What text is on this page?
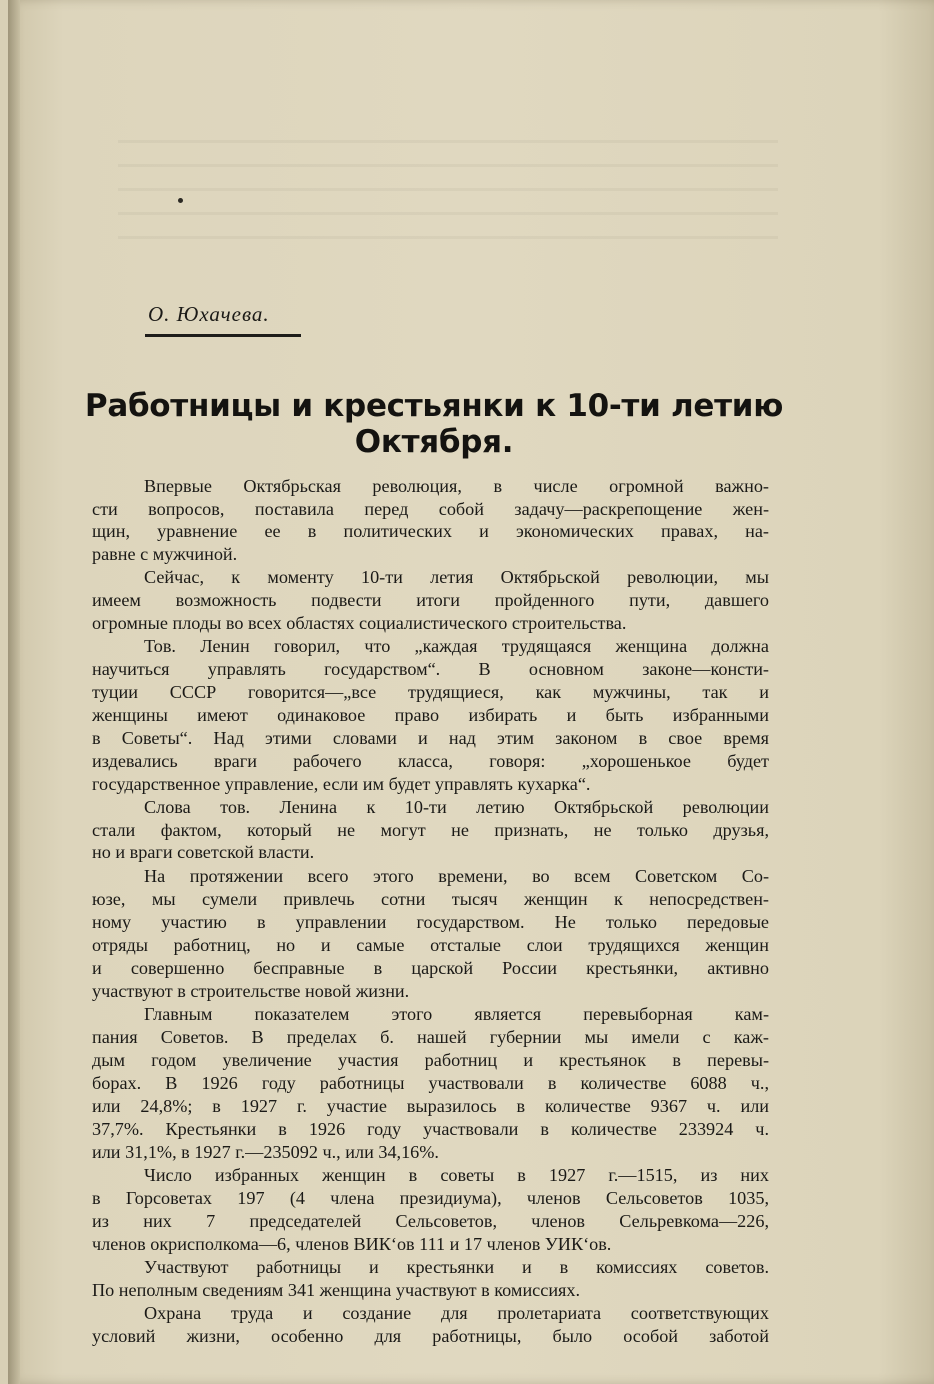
О. Юхачева.
Работницы и крестьянки к 10-ти летию
Октября.
Впервые Октябрьская революция, в числе огромной важно-
сти вопросов, поставила перед собой задачу—раскрепощение жен-
щин, уравнение ее в политических и экономических правах, на-
равне с мужчиной.
Сейчас, к моменту 10-ти летия Октябрьской революции, мы
имеем возможность подвести итоги пройденного пути, давшего
огромные плоды во всех областях социалистического строительства.
Тов. Ленин говорил, что „каждая трудящаяся женщина должна
научиться управлять государством“. В основном законе—консти-
туции СССР говорится—„все трудящиеся, как мужчины, так и
женщины имеют одинаковое право избирать и быть избранными
в Советы“. Над этими словами и над этим законом в свое время
издевались враги рабочего класса, говоря: „хорошенькое будет
государственное управление, если им будет управлять кухарка“.
Слова тов. Ленина к 10-ти летию Октябрьской революции
стали фактом, который не могут не признать, не только друзья,
но и враги советской власти.
На протяжении всего этого времени, во всем Советском Со-
юзе, мы сумели привлечь сотни тысяч женщин к непосредствен-
ному участию в управлении государством. Не только передовые
отряды работниц, но и самые отсталые слои трудящихся женщин
и совершенно бесправные в царской России крестьянки, активно
участвуют в строительстве новой жизни.
Главным показателем этого является перевыборная кам-
пания Советов. В пределах б. нашей губернии мы имели с каж-
дым годом увеличение участия работниц и крестьянок в перевы-
борах. В 1926 году работницы участвовали в количестве 6088 ч.,
или 24,8%; в 1927 г. участие выразилось в количестве 9367 ч. или
37,7%. Крестьянки в 1926 году участвовали в количестве 233924 ч.
или 31,1%, в 1927 г.—235092 ч., или 34,16%.
Число избранных женщин в советы в 1927 г.—1515, из них
в Горсоветах 197 (4 члена президиума), членов Сельсоветов 1035,
из них 7 председателей Сельсоветов, членов Сельревкома—226,
членов окрисполкома—6, членов ВИК‘ов 111 и 17 членов УИК‘ов.
Участвуют работницы и крестьянки и в комиссиях советов.
По неполным сведениям 341 женщина участвуют в комиссиях.
Охрана труда и создание для пролетариата соответствующих
условий жизни, особенно для работницы, было особой заботой
